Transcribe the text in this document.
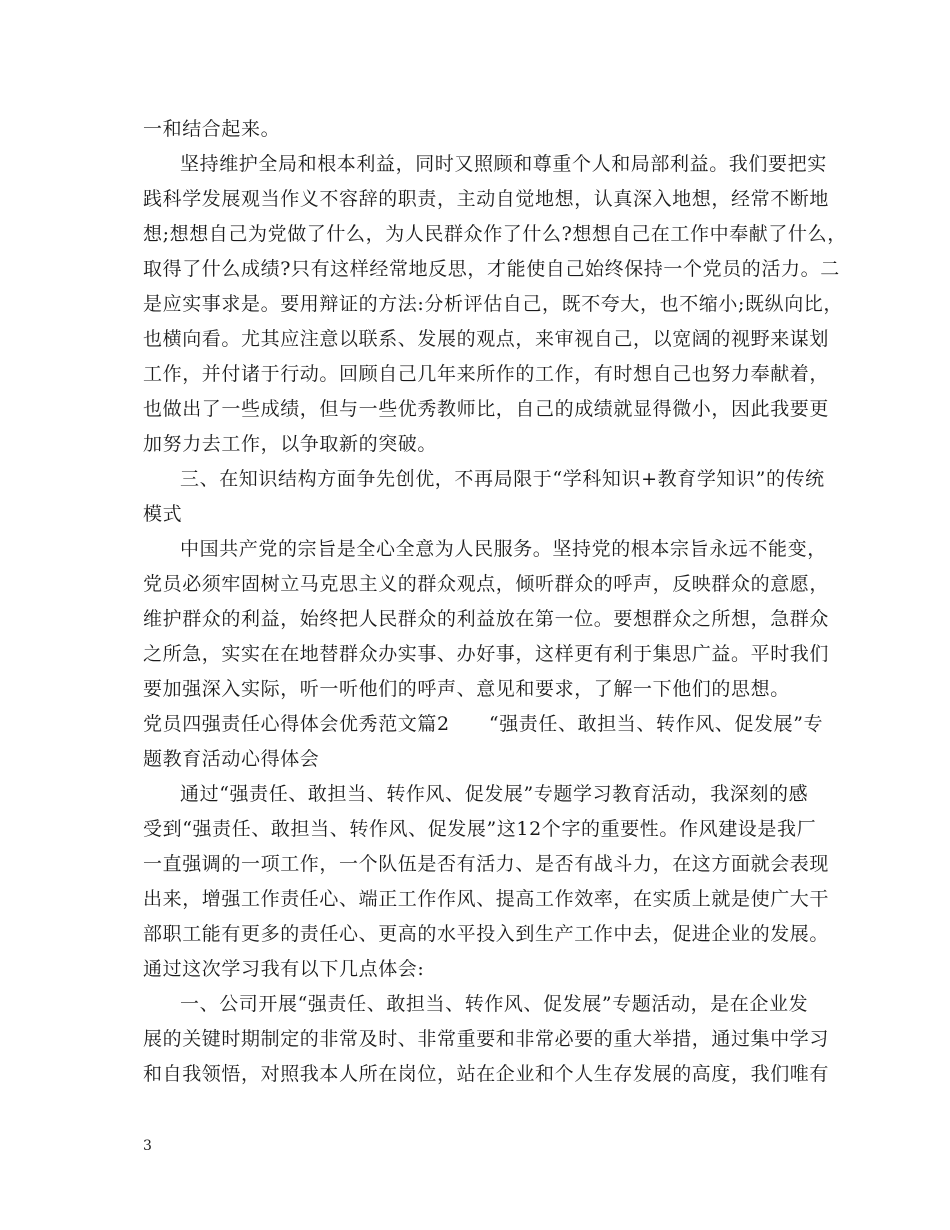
一和结合起来。
坚持维护全局和根本利益，同时又照顾和尊重个人和局部利益。我们要把实
践科学发展观当作义不容辞的职责，主动自觉地想，认真深入地想，经常不断地
想;想想自己为党做了什么，为人民群众作了什么?想想自己在工作中奉献了什么，
取得了什么成绩?只有这样经常地反思，才能使自己始终保持一个党员的活力。二
是应实事求是。要用辩证的方法:分析评估自己，既不夸大，也不缩小;既纵向比，
也横向看。尤其应注意以联系、发展的观点，来审视自己，以宽阔的视野来谋划
工作，并付诸于行动。回顾自己几年来所作的工作，有时想自己也努力奉献着，
也做出了一些成绩，但与一些优秀教师比，自己的成绩就显得微小，因此我要更
加努力去工作，以争取新的突破。
三、在知识结构方面争先创优，不再局限于“学科知识+教育学知识”的传统
模式
中国共产党的宗旨是全心全意为人民服务。坚持党的根本宗旨永远不能变，
党员必须牢固树立马克思主义的群众观点，倾听群众的呼声，反映群众的意愿，
维护群众的利益，始终把人民群众的利益放在第一位。要想群众之所想，急群众
之所急，实实在在地替群众办实事、办好事，这样更有利于集思广益。平时我们
要加强深入实际，听一听他们的呼声、意见和要求，了解一下他们的思想。
党员四强责任心得体会优秀范文篇2　　“强责任、敢担当、转作风、促发展”专
题教育活动心得体会
通过“强责任、敢担当、转作风、促发展”专题学习教育活动，我深刻的感
受到“强责任、敢担当、转作风、促发展”这12个字的重要性。作风建设是我厂
一直强调的一项工作，一个队伍是否有活力、是否有战斗力，在这方面就会表现
出来，增强工作责任心、端正工作作风、提高工作效率，在实质上就是使广大干
部职工能有更多的责任心、更高的水平投入到生产工作中去，促进企业的发展。
通过这次学习我有以下几点体会:
一、公司开展“强责任、敢担当、转作风、促发展”专题活动，是在企业发
展的关键时期制定的非常及时、非常重要和非常必要的重大举措，通过集中学习
和自我领悟，对照我本人所在岗位，站在企业和个人生存发展的高度，我们唯有
3
